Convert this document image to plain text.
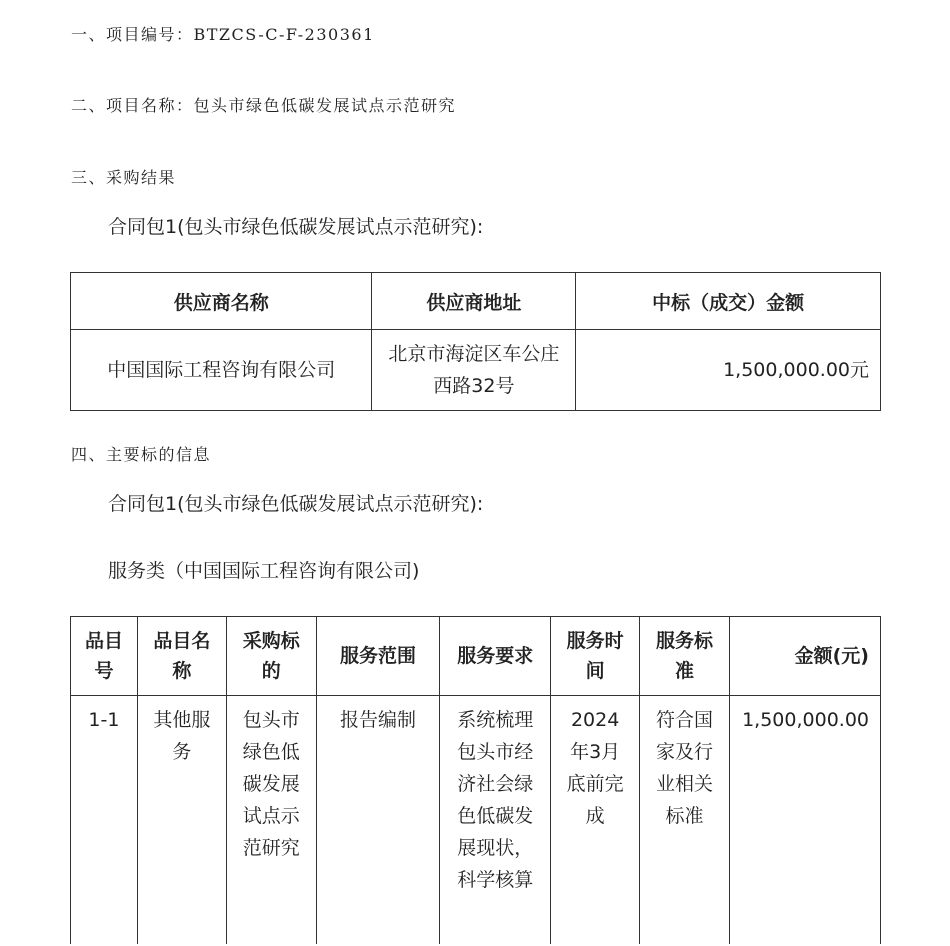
一、项目编号：BTZCS-C-F-230361
二、项目名称：包头市绿色低碳发展试点示范研究
三、采购结果
合同包1(包头市绿色低碳发展试点示范研究):
供应商名称	供应商地址	中标（成交）金额
中国国际工程咨询有限公司	北京市海淀区车公庄西路32号	1,500,000.00元
四、主要标的信息
合同包1(包头市绿色低碳发展试点示范研究):
服务类（中国国际工程咨询有限公司)
品目号	品目名称	采购标的	服务范围	服务要求	服务时间	服务标准	金额(元)
1-1	其他服务	包头市绿色低碳发展试点示范研究	报告编制	系统梳理包头市经济社会绿色低碳发展现状，科学核算	2024年3月底前完成	符合国家及行业相关标准	1,500,000.00
